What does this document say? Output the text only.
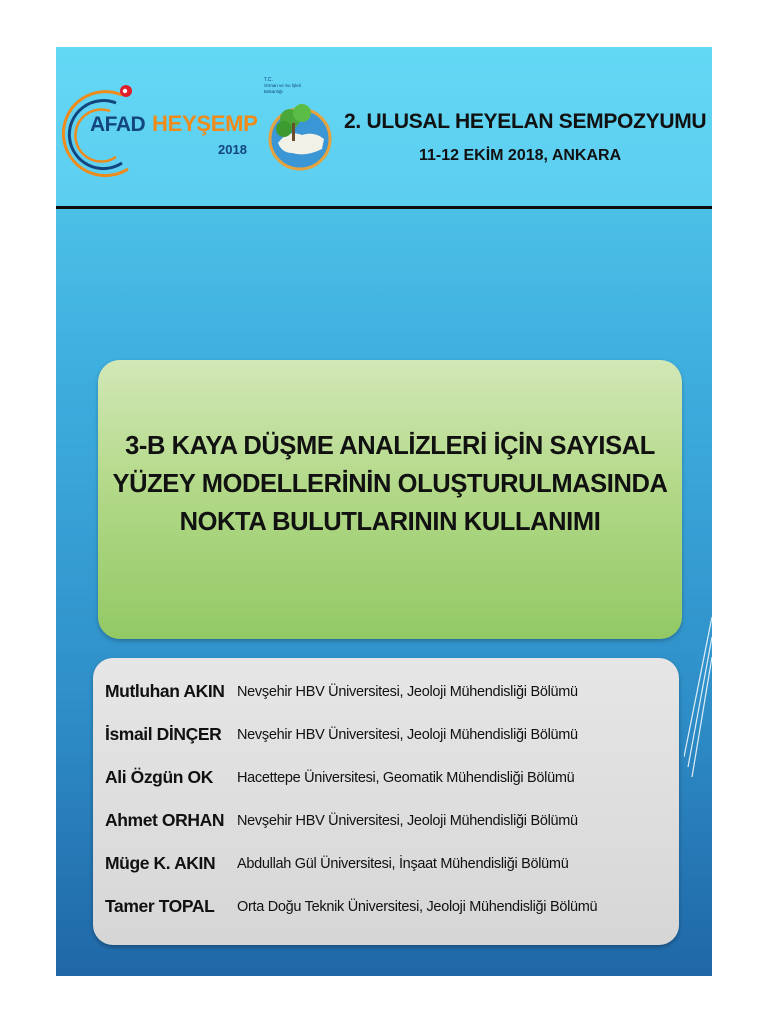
AFAD HEYŞEMP
2018
T.C.
Orman ve Su İşleri
Bakanlığı
2. ULUSAL HEYELAN SEMPOZYUMU
11-12 EKİM 2018, ANKARA
3-B KAYA DÜŞME ANALİZLERİ İÇİN SAYISAL
YÜZEY MODELLERİNİN OLUŞTURULMASINDA
NOKTA BULUTLARININ KULLANIMI
Mutluhan AKIN Nevşehir HBV Üniversitesi, Jeoloji Mühendisliği Bölümü
İsmail DİNÇER Nevşehir HBV Üniversitesi, Jeoloji Mühendisliği Bölümü
Ali Özgün OK Hacettepe Üniversitesi, Geomatik Mühendisliği Bölümü
Ahmet ORHAN Nevşehir HBV Üniversitesi, Jeoloji Mühendisliği Bölümü
Müge K. AKIN Abdullah Gül Üniversitesi, İnşaat Mühendisliği Bölümü
Tamer TOPAL Orta Doğu Teknik Üniversitesi, Jeoloji Mühendisliği Bölümü
